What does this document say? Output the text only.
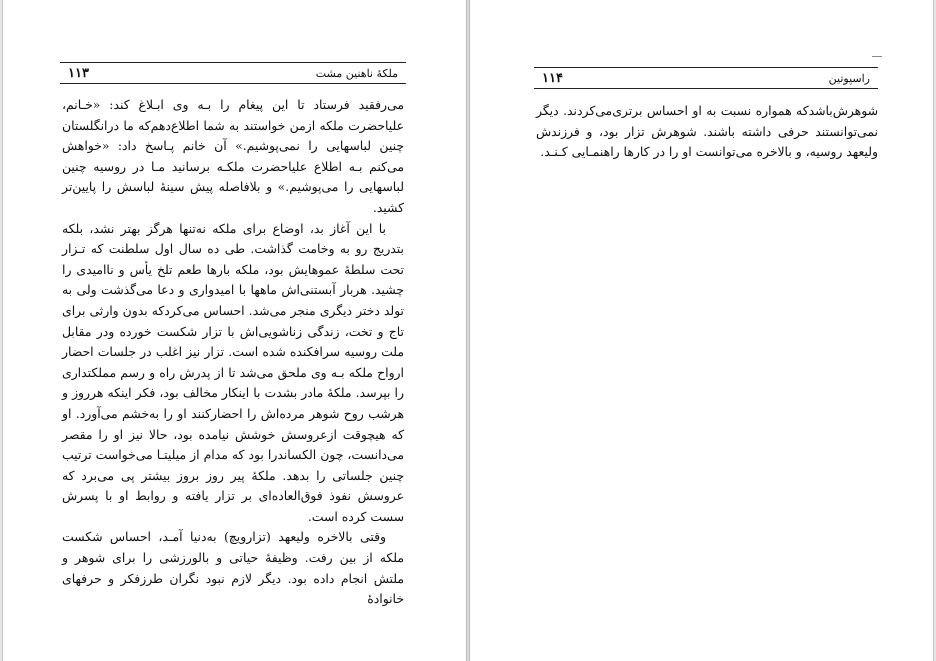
۱۱۳	ملکهٔ ناهنین مشت

می‌رفقید فرستاد تا این پیغام را بـه وی ابـلاغ کند: «خـانم، علیاحضرت ملکه ازمن خواستند به شما اطلاع‌دهم‌که ما درانگلستان چنین لباسهایی را نمی‌پوشیم.» آن خانم پـاسخ داد: «خواهش می‌کنم بـه اطلاع علیاحضرت ملکـه برسانید مـا در روسیه چنین لباسهایی را می‌پوشیم.» و بلافاصله پیش سینهٔ لباسش را پایین‌تر کشید.

با این آغاز بد، اوضاع برای ملکه نه‌تنها هرگز بهتر نشد، بلکه بتدریج رو به وخامت گذاشت. طی ده سال اول سلطنت که تـزار تحت سلطهٔ عموهایش بود، ملکه بارها طعم تلخ یأس و ناامیدی را چشید. هربار آبستنی‌اش ماهها با امیدواری و دعا می‌گذشت ولی به تولد دختر دیگری منجر می‌شد. احساس می‌کرد‌که بدون وارثی برای تاج و تخت، زندگی زناشویی‌اش با تزار شکست خورده ودر مقابل ملت روسیه سرافکنده شده است. تزار نیز اغلب در جلسات احضار ارواح ملکه بـه وی ملحق می‌شد تا از پدرش راه و رسم مملکتداری را بپرسد. ملکهٔ مادر بشدت با اینکار مخالف بود، فکر اینکه هرروز و هرشب روح شوهر مرده‌اش را احضارکنند او را به‌خشم می‌آورد. او که هیچوقت ازعروسش خوشش نیامده بود، حالا نیز او را مقصر می‌دانست، چون الکساندرا بود که مدام از میلیتـا می‌خواست ترتیب چنین جلساتی را بدهد. ملکهٔ پیر روز بروز بیشتر پی می‌برد که عروسش نفوذ فوق‌العاده‌ای بر تزار یافته و روابط او با پسرش سست کرده است.

وقتی بالاخره ولیعهد (تزارویچ) به‌دنیا آمـد، احساس شکست ملکه از بین رفت. وظیفهٔ حیاتی و بالورزشی را برای شوهر و ملتش انجام داده بود. دیگر لازم نبود نگران طرزفکر و حرفهای خانوادهٔ

۱۱۴	راسپوتین

شوهرش‌باشدکه همواره نسبت به او احساس برتری‌می‌کردند. دیگر نمی‌توانستند حرفی داشته باشند. شوهرش تزار بود، و فرزندش ولیعهد روسیه، و بالاخره می‌توانست او را در کارها راهنمـایی کـنـد.
